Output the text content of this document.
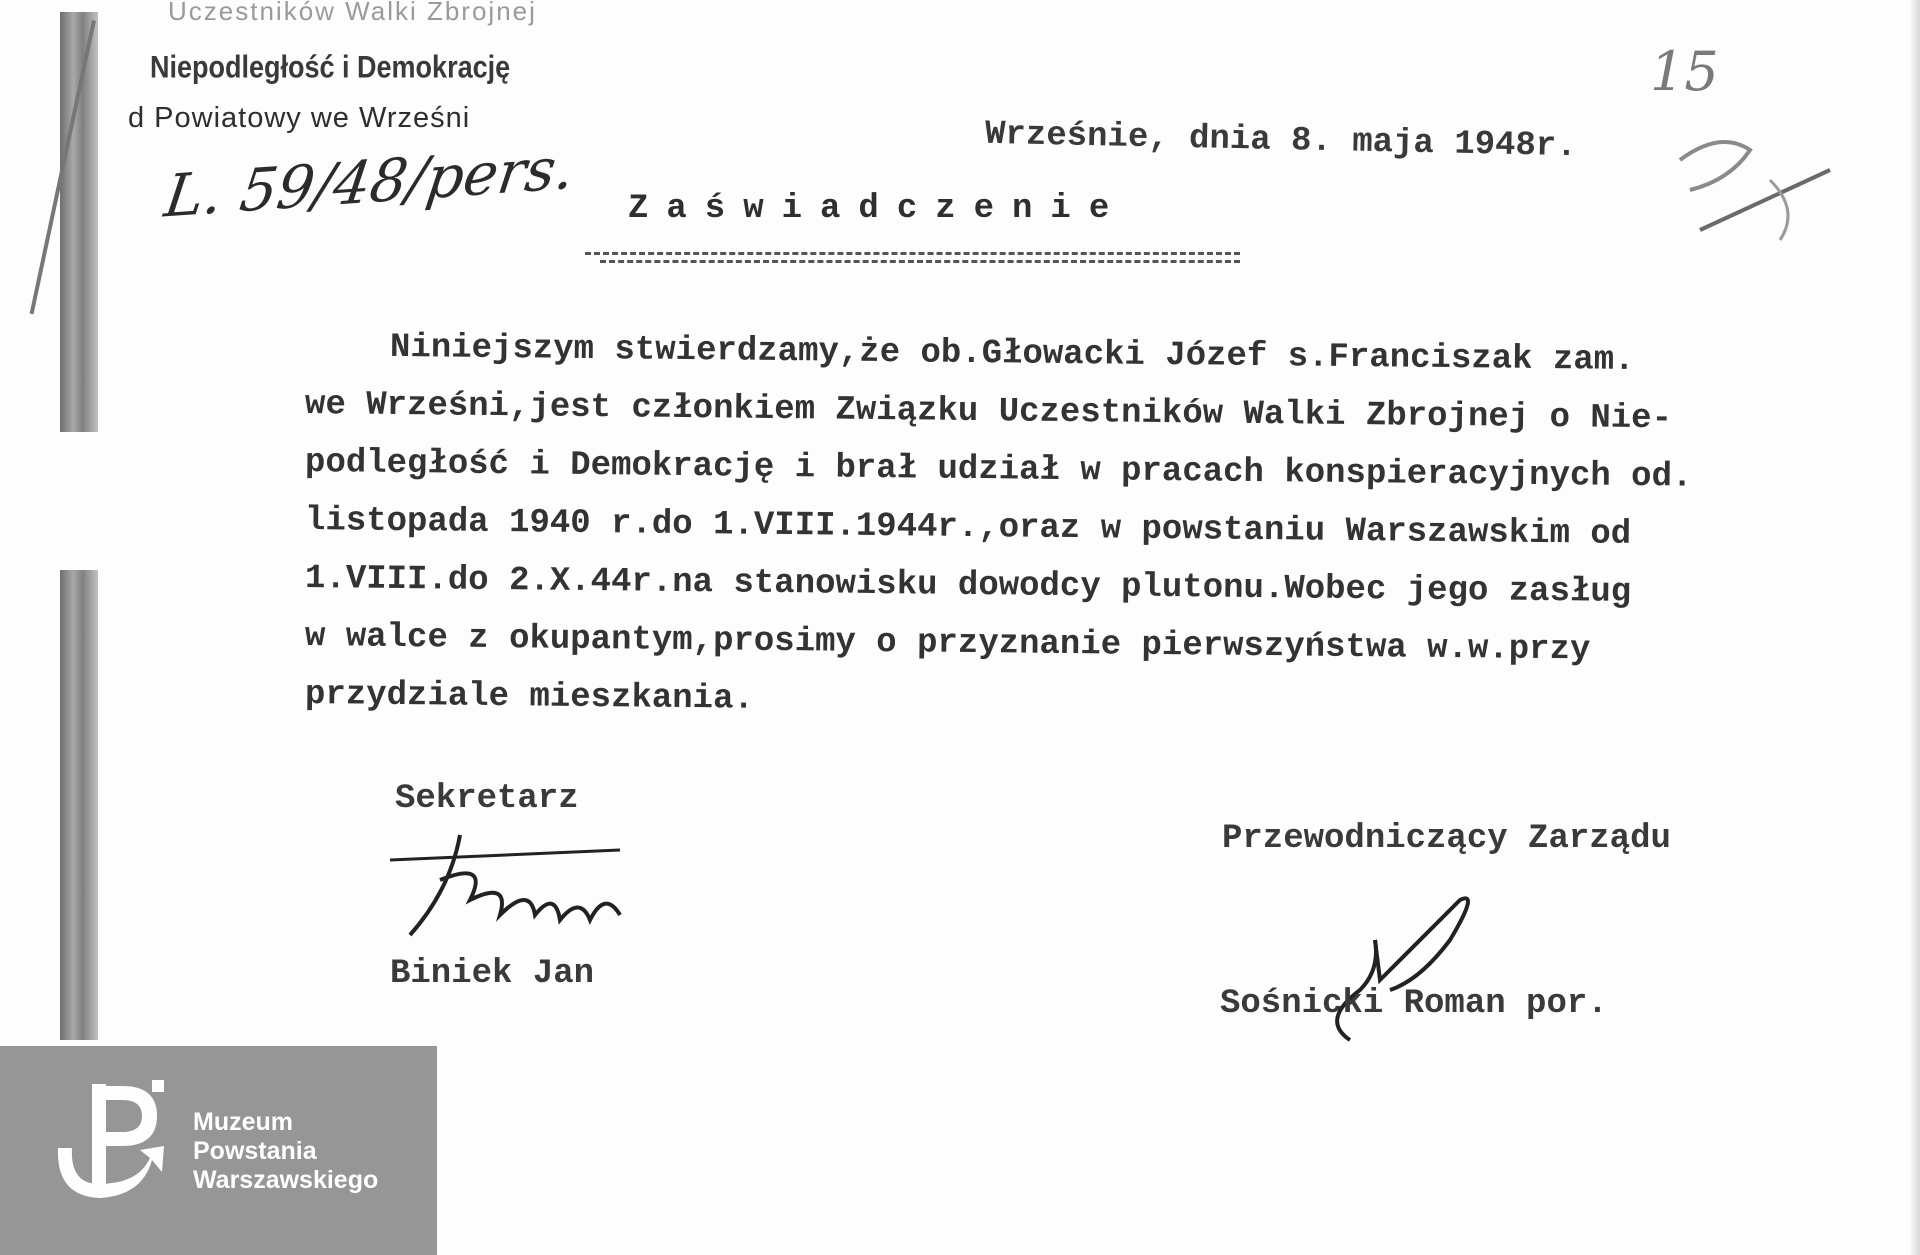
Uczestników Walki Zbrojnej
Niepodległość i Demokrację
d Powiatowy we Wrześni
L. 59/48/pers.	Wrześnie, dnia 8. maja 1948r.
15
Zaświadczenie
Niniejszym stwierdzamy,że ob.Głowacki Józef s.Franciszak zam.
we Wrześni,jest członkiem Związku Uczestników Walki Zbrojnej o Nie-
podległość i Demokrację i brał udział w pracach konspieracyjnych od.
listopada 1940 r.do 1.VIII.1944r.,oraz w powstaniu Warszawskim od
1.VIII.do 2.X.44r.na stanowisku dowodcy plutonu.Wobec jego zasług
w walce z okupantym,prosimy o przyznanie pierwszyństwa w.w.przy
przydziale mieszkania.
Sekretarz
Biniek Jan
Przewodniczący Zarządu
Sośnicki Roman por.
Muzeum
Powstania
Warszawskiego
